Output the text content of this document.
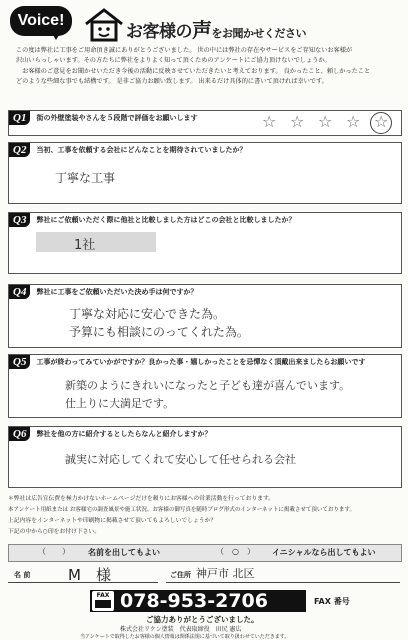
Voice!
お客様の声をお聞かせください
この度は弊社に工事をご用命頂き誠にありがとうございました。 世の中には弊社の存在やサービスをご存知ないお客様が
沢山いらっしゃいます。その方たちに弊社をよりよく知って頂くためのアンケートにご協力頂けないでしょうか。
　お客様のご意見をお聞かせいただき今後の活動に反映させていただきたいと考えております。 良かったこと、頼しかったこと
どのような些細な事でも結構です。 是非ご協力お願い致します。 出来るだけ具体的に書いて頂ければ幸いです。
Q1	街の外壁塗装やさんを５段階で評価をお願いします	☆ ☆ ☆ ☆ ☆
Q2	当初、工事を依頼する会社にどんなことを期待されていましたか？
丁寧な工事
Q3	弊社にご依頼いただく際に他社と比較しました方はどこの会社と比較しましたか？
1社
Q4	弊社に工事をご依頼いただいた決め手は何ですか？
丁寧な対応に安心できた為。
予算にも相談にのってくれた為。
Q5	工事が終わってみていかがですか？良かった事・嬉しかったことを忌憚なく頂戴出来ましたらお願いです
新築のようにきれいになったと子ども達が喜んでいます。
仕上りに大満足です。
Q6	弊社を他の方に紹介するとしたらなんと紹介しますか？
誠実に対応してくれて安心して任せられる会社
＊弊社は広告宣伝費を極力かけないホームページだけを頼りにお客様への営業活動を行っております。
本アンケート用紙または お客様宅の調査風景や施工状況、お客様の御写真を随時ブログ形式のインターネットに掲載させて頂いております。
上記内容をインターネットや印刷物に掲載させて頂いてもよろしいでしょうか？
下記の中から○印をお付け下さい。
（　　） 名前を出してもよい	（　○　） イニシャルなら出してもよい
名 前	M　様	ご住所 神戸市 北区
FAX 078-953-2706	FAX 番号
ご協力ありがとうございました。
株式会社リケン塗装　代表取締役　田尻 憲広
当アンケートで取得したお客様の個人情報は関係法規に基づいて取り扱わせていただきます。
